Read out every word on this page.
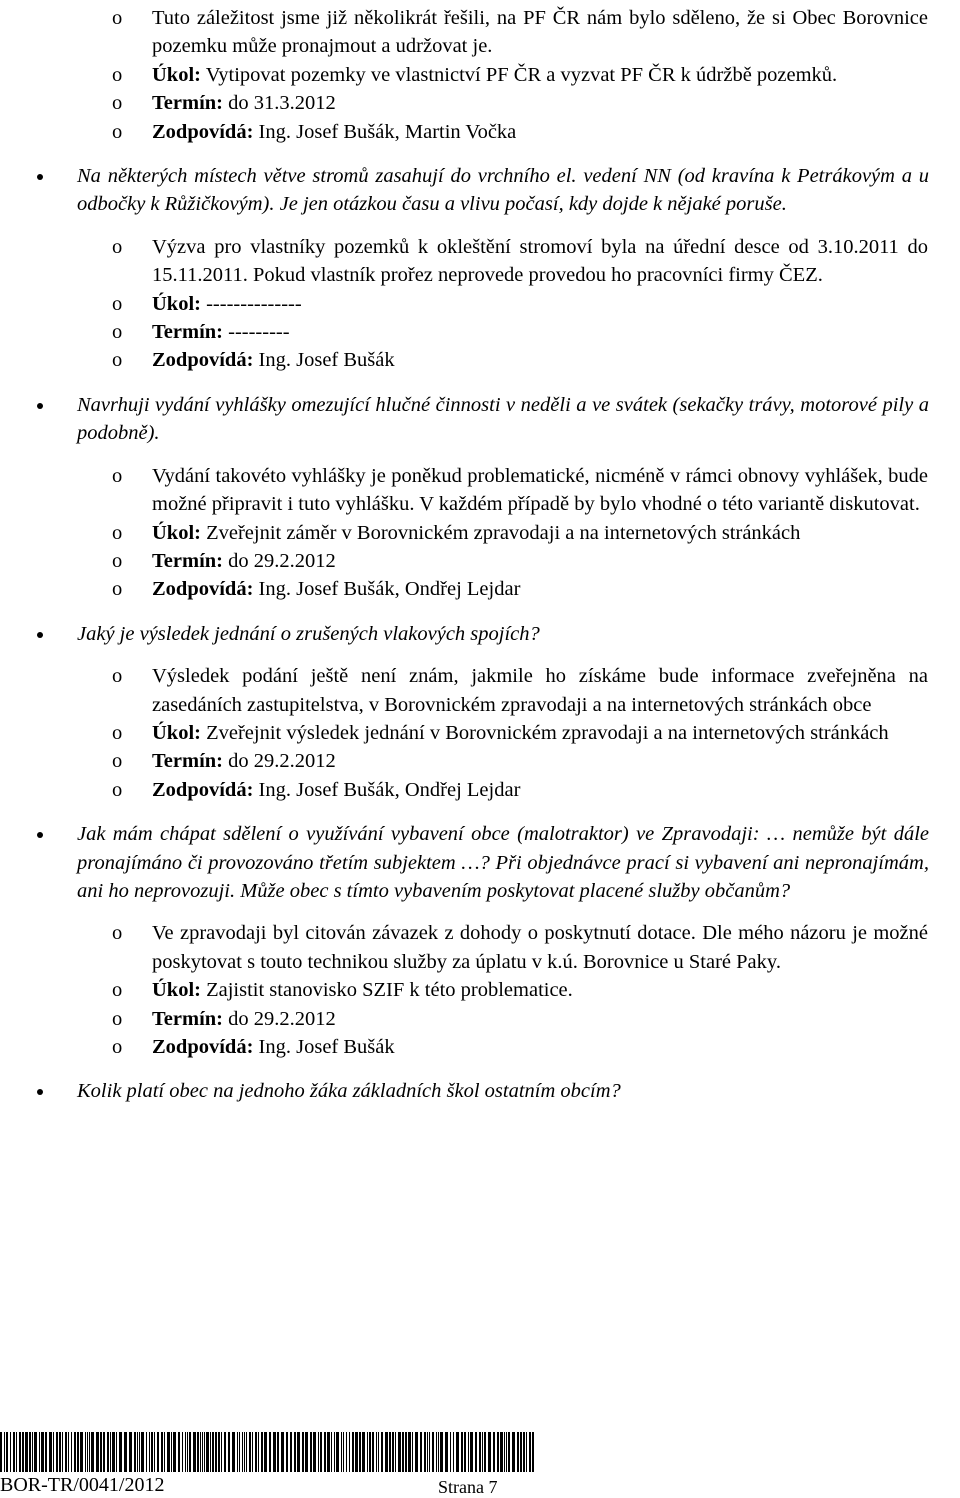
o Tuto záležitost jsme již několikrát řešili, na PF ČR nám bylo sděleno, že si Obec Borovnice pozemku může pronajmout a udržovat je.
o Úkol: Vytipovat pozemky ve vlastnictví PF ČR a vyzvat PF ČR k údržbě pozemků.
o Termín: do 31.3.2012
o Zodpovídá: Ing. Josef Bušák, Martin Vočka
Na některých místech větve stromů zasahují do vrchního el. vedení NN (od kravína k Petrákovým a u odbočky k Růžičkovým). Je jen otázkou času a vlivu počasí, kdy dojde k nějaké poruše.
o Výzva pro vlastníky pozemků k okleštění stromoví byla na úřední desce od 3.10.2011 do 15.11.2011. Pokud vlastník prořez neprovede provedou ho pracovníci firmy ČEZ.
o Úkol: --------------
o Termín: ---------
o Zodpovídá: Ing. Josef Bušák
Navrhuji vydání vyhlášky omezující hlučné činnosti v neděli a ve svátek (sekačky trávy, motorové pily a podobně).
o Vydání takovéto vyhlášky je poněkud problematické, nicméně v rámci obnovy vyhlášek, bude možné připravit i tuto vyhlášku. V každém případě by bylo vhodné o této variantě diskutovat.
o Úkol: Zveřejnit záměr v Borovnickém zpravodaji a na internetových stránkách
o Termín: do 29.2.2012
o Zodpovídá: Ing. Josef Bušák, Ondřej Lejdar
Jaký je výsledek jednání o zrušených vlakových spojích?
o Výsledek podání ještě není znám, jakmile ho získáme bude informace zveřejněna na zasedáních zastupitelstva, v Borovnickém zpravodaji a na internetových stránkách obce
o Úkol: Zveřejnit výsledek jednání v Borovnickém zpravodaji a na internetových stránkách
o Termín: do 29.2.2012
o Zodpovídá: Ing. Josef Bušák, Ondřej Lejdar
Jak mám chápat sdělení o využívání vybavení obce (malotraktor) ve Zpravodaji: … nemůže být dále pronajímáno či provozováno třetím subjektem …? Při objednávce prací si vybavení ani nepronajímám, ani ho neprovozuji. Může obec s tímto vybavením poskytovat placené služby občanům?
o Ve zpravodaji byl citován závazek z dohody o poskytnutí dotace. Dle mého názoru je možné poskytovat s touto technikou služby za úplatu v k.ú. Borovnice u Staré Paky.
o Úkol: Zajistit stanovisko SZIF k této problematice.
o Termín: do 29.2.2012
o Zodpovídá: Ing. Josef Bušák
Kolik platí obec na jednoho žáka základních škol ostatním obcím?
BOR-TR/0041/2012	Strana 7
